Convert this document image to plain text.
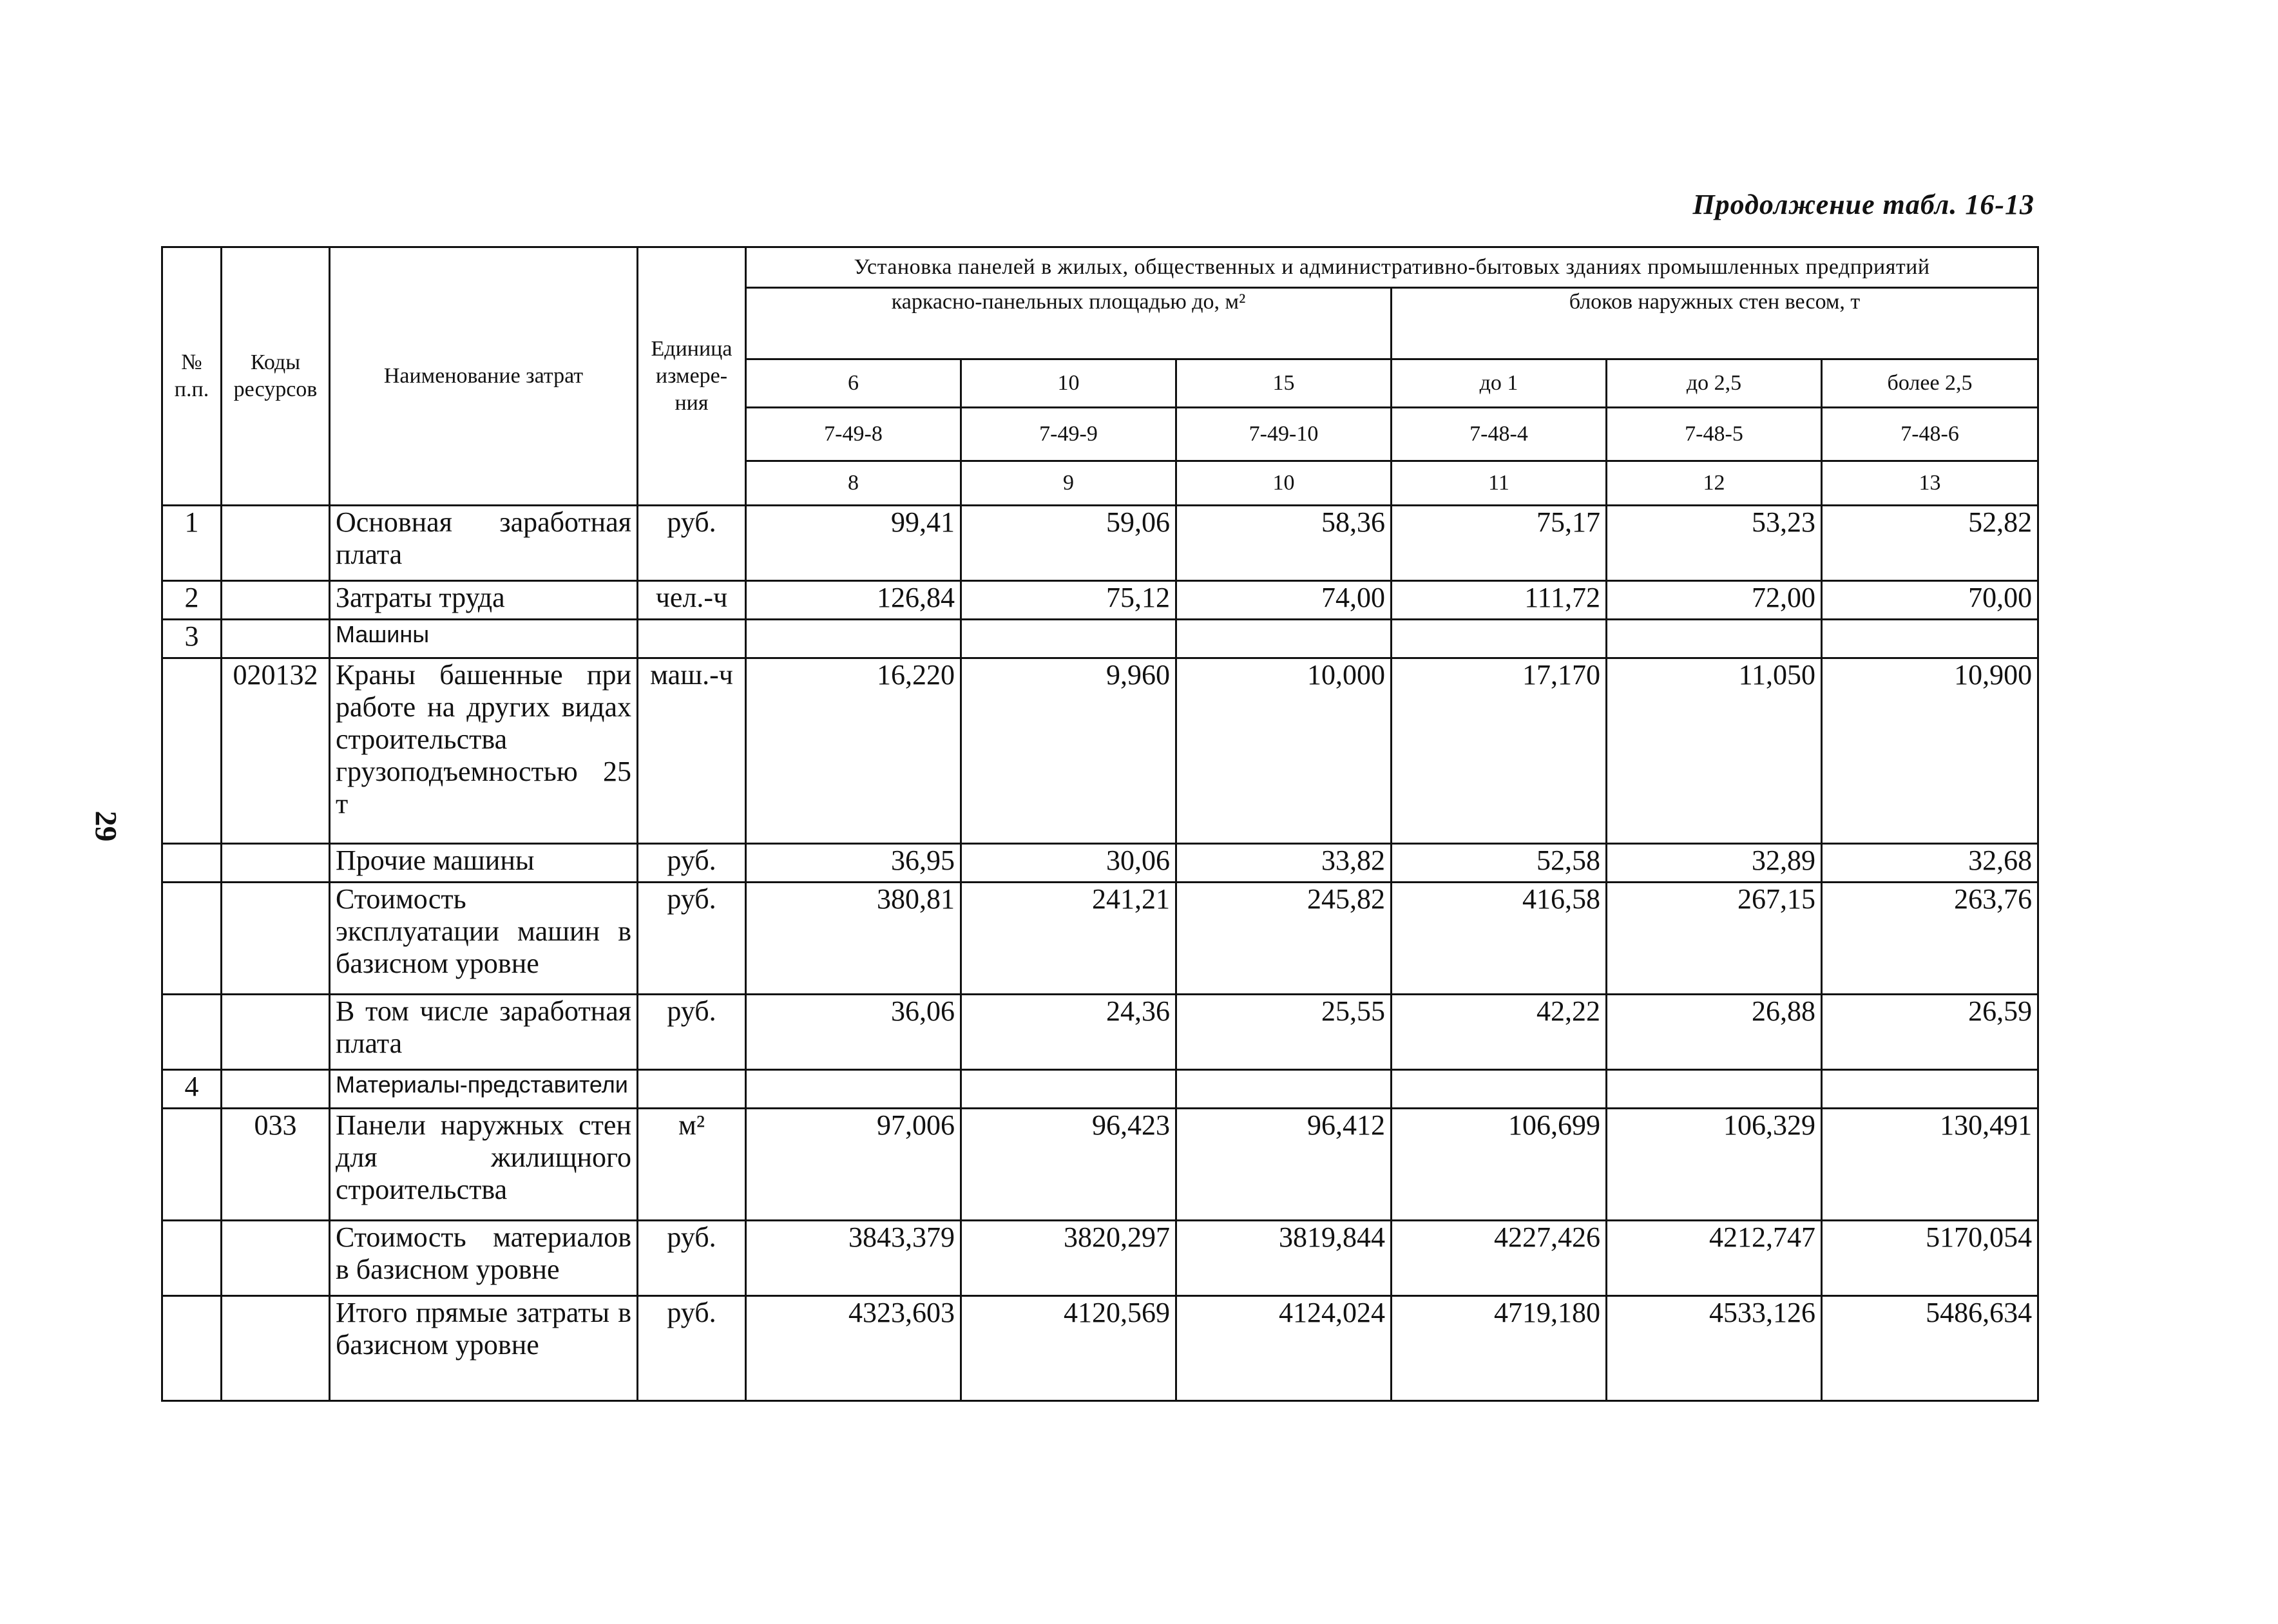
Продолжение табл. 16-13
29
№ п.п.	Коды ресурсов	Наименование затрат	Единица измере- ния	Установка панелей в жилых, общественных и административно-бытовых зданиях промышленных предприятий					
				каркасно-панельных площадью до, м²			блоков наружных стен весом, т		
				6	10	15	до 1	до 2,5	более 2,5
				7-49-8	7-49-9	7-49-10	7-48-4	7-48-5	7-48-6
				8	9	10	11	12	13
1		Основная заработная плата	руб.	99,41	59,06	58,36	75,17	53,23	52,82
2		Затраты труда	чел.-ч	126,84	75,12	74,00	111,72	72,00	70,00
3		Машины							
	020132	Краны башенные при работе на других видах строительства грузоподъемностью 25 т	маш.-ч	16,220	9,960	10,000	17,170	11,050	10,900
		Прочие машины	руб.	36,95	30,06	33,82	52,58	32,89	32,68
		Стоимость эксплуатации машин в базисном уровне	руб.	380,81	241,21	245,82	416,58	267,15	263,76
		В том числе заработная плата	руб.	36,06	24,36	25,55	42,22	26,88	26,59
4		Материалы-представители							
	033	Панели наружных стен для жилищного строительства	м²	97,006	96,423	96,412	106,699	106,329	130,491
		Стоимость материалов в базисном уровне	руб.	3843,379	3820,297	3819,844	4227,426	4212,747	5170,054
		Итого прямые затраты в базисном уровне	руб.	4323,603	4120,569	4124,024	4719,180	4533,126	5486,634
